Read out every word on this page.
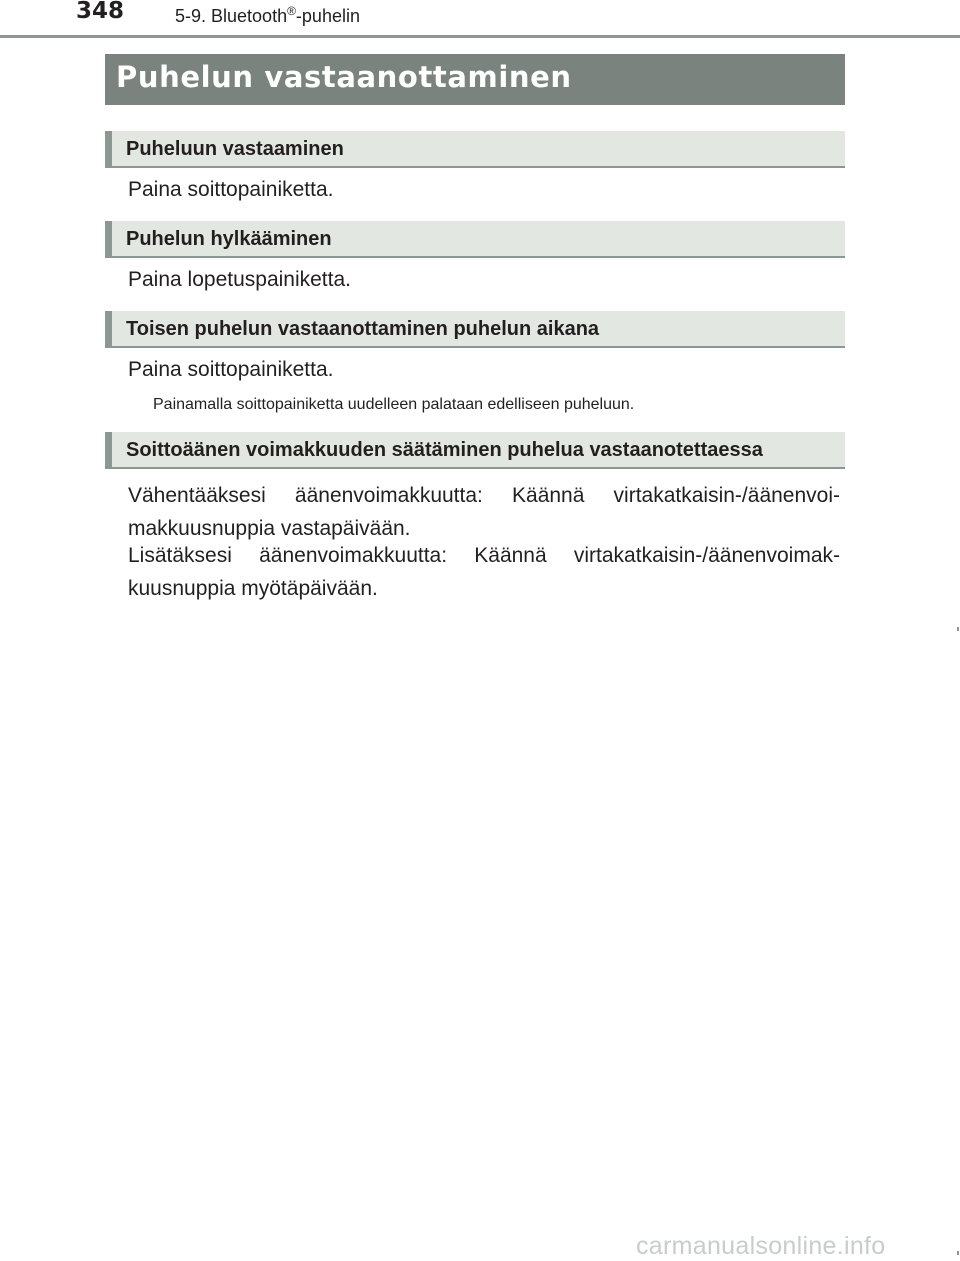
348	5-9. Bluetooth®-puhelin
Puhelun vastaanottaminen
Puheluun vastaaminen

Paina soittopainiketta.

Puhelun hylkääminen

Paina lopetuspainiketta.

Toisen puhelun vastaanottaminen puhelun aikana

Paina soittopainiketta.

Painamalla soittopainiketta uudelleen palataan edelliseen puheluun.

Soittoäänen voimakkuuden säätäminen puhelua vastaanotettaessa

Vähentääksesi äänenvoimakkuutta: Käännä virtakatkaisin-/äänenvoi-makkuusnuppia vastapäivään.

Lisätäksesi äänenvoimakkuutta: Käännä virtakatkaisin-/äänenvoimak-kuusnuppia myötäpäivään.

carmanualsonline.info
